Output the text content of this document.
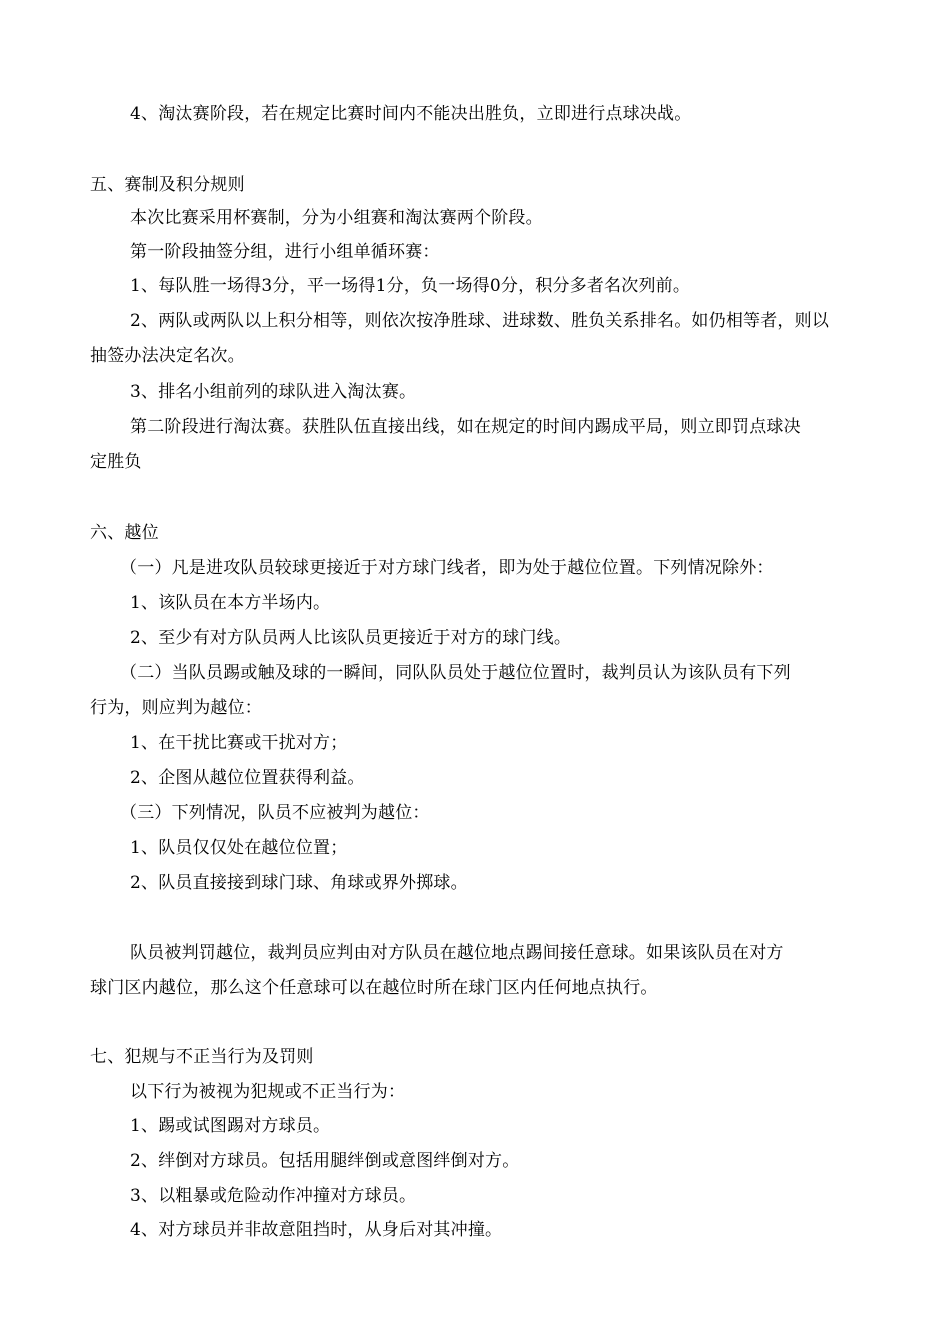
4、淘汰赛阶段，若在规定比赛时间内不能决出胜负，立即进行点球决战。
五、赛制及积分规则
本次比赛采用杯赛制，分为小组赛和淘汰赛两个阶段。
第一阶段抽签分组，进行小组单循环赛：
1、每队胜一场得3分，平一场得1分，负一场得0分，积分多者名次列前。
2、两队或两队以上积分相等，则依次按净胜球、进球数、胜负关系排名。如仍相等者，则以
抽签办法决定名次。
3、排名小组前列的球队进入淘汰赛。
第二阶段进行淘汰赛。获胜队伍直接出线，如在规定的时间内踢成平局，则立即罚点球决
定胜负
六、越位
（一）凡是进攻队员较球更接近于对方球门线者，即为处于越位位置。下列情况除外：
1、该队员在本方半场内。
2、至少有对方队员两人比该队员更接近于对方的球门线。
（二）当队员踢或触及球的一瞬间，同队队员处于越位位置时，裁判员认为该队员有下列
行为，则应判为越位：
1、在干扰比赛或干扰对方；
2、企图从越位位置获得利益。
（三）下列情况，队员不应被判为越位：
1、队员仅仅处在越位位置；
2、队员直接接到球门球、角球或界外掷球。
队员被判罚越位，裁判员应判由对方队员在越位地点踢间接任意球。如果该队员在对方
球门区内越位，那么这个任意球可以在越位时所在球门区内任何地点执行。
七、犯规与不正当行为及罚则
以下行为被视为犯规或不正当行为：
1、踢或试图踢对方球员。
2、绊倒对方球员。包括用腿绊倒或意图绊倒对方。
3、以粗暴或危险动作冲撞对方球员。
4、对方球员并非故意阻挡时，从身后对其冲撞。
